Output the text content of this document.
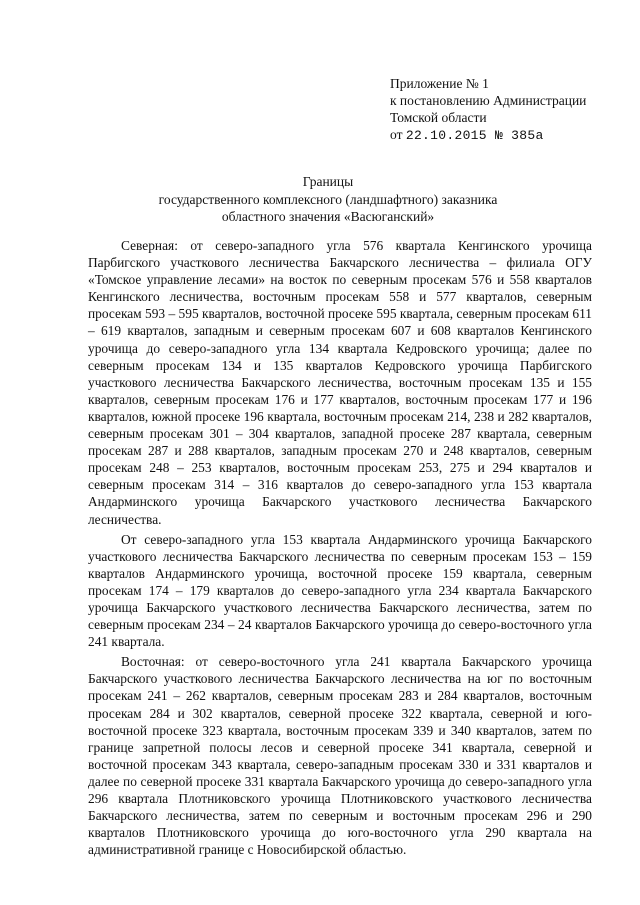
Приложение № 1
к постановлению Администрации
Томской области
от 22.10.2015 № 385а
Границы
государственного комплексного (ландшафтного) заказника
областного значения «Васюганский»

Северная: от северо-западного угла 576 квартала Кенгинского урочища Парбигского участкового лесничества Бакчарского лесничества – филиала ОГУ «Томское управление лесами» на восток по северным просекам 576 и 558 кварталов Кенгинского лесничества, восточным просекам 558 и 577 кварталов, северным просекам 593 – 595 кварталов, восточной просеке 595 квартала, северным просекам 611 – 619 кварталов, западным и северным просекам 607 и 608 кварталов Кенгинского урочища до северо-западного угла 134 квартала Кедровского урочища; далее по северным просекам 134 и 135 кварталов Кедровского урочища Парбигского участкового лесничества Бакчарского лесничества, восточным просекам 135 и 155 кварталов, северным просекам 176 и 177 кварталов, восточным просекам 177 и 196 кварталов, южной просеке 196 квартала, восточным просекам 214, 238 и 282 кварталов, северным просекам 301 – 304 кварталов, западной просеке 287 квартала, северным просекам 287 и 288 кварталов, западным просекам 270 и 248 кварталов, северным просекам 248 – 253 кварталов, восточным просекам 253, 275 и 294 кварталов и северным просекам 314 – 316 кварталов до северо-западного угла 153 квартала Андарминского урочища Бакчарского участкового лесничества Бакчарского лесничества.

От северо-западного угла 153 квартала Андарминского урочища Бакчарского участкового лесничества Бакчарского лесничества по северным просекам 153 – 159 кварталов Андарминского урочища, восточной просеке 159 квартала, северным просекам 174 – 179 кварталов до северо-западного угла 234 квартала Бакчарского урочища Бакчарского участкового лесничества Бакчарского лесничества, затем по северным просекам 234 – 24 кварталов Бакчарского урочища до северо-восточного угла 241 квартала.

Восточная: от северо-восточного угла 241 квартала Бакчарского урочища Бакчарского участкового лесничества Бакчарского лесничества на юг по восточным просекам 241 – 262 кварталов, северным просекам 283 и 284 кварталов, восточным просекам 284 и 302 кварталов, северной просеке 322 квартала, северной и юго-восточной просеке 323 квартала, восточным просекам 339 и 340 кварталов, затем по границе запретной полосы лесов и северной просеке 341 квартала, северной и восточной просекам 343 квартала, северо-западным просекам 330 и 331 кварталов и далее по северной просеке 331 квартала Бакчарского урочища до северо-западного угла 296 квартала Плотниковского урочища Плотниковского участкового лесничества Бакчарского лесничества, затем по северным и восточным просекам 296 и 290 кварталов Плотниковского урочища до юго-восточного угла 290 квартала на административной границе с Новосибирской областью.
